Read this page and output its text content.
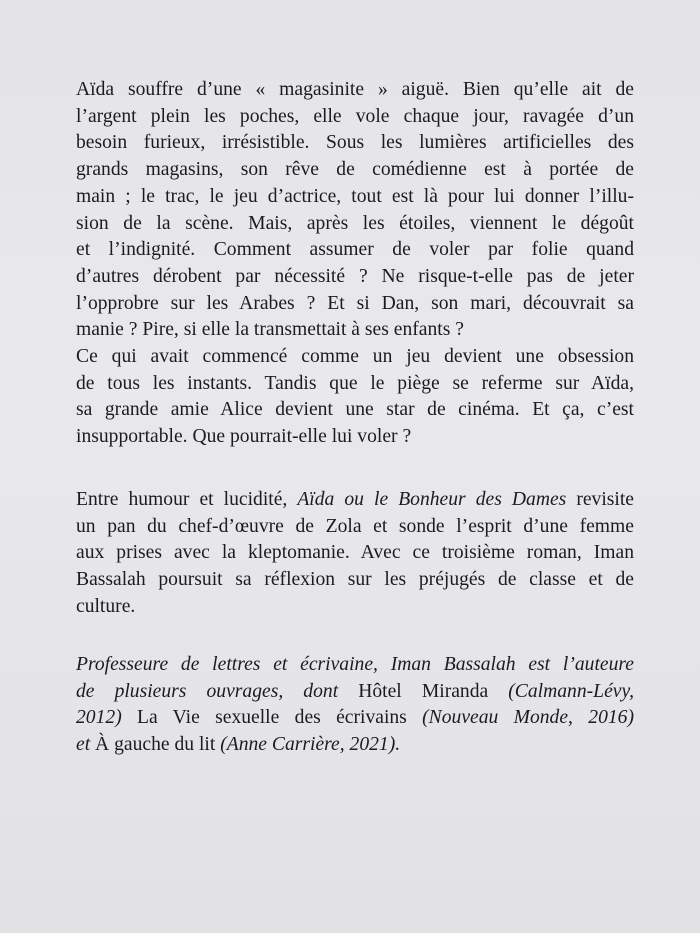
Aïda souffre d’une « magasinite » aiguë. Bien qu’elle ait de
l’argent plein les poches, elle vole chaque jour, ravagée d’un
besoin furieux, irrésistible. Sous les lumières artificielles des
grands magasins, son rêve de comédienne est à portée de
main ; le trac, le jeu d’actrice, tout est là pour lui donner l’illu-
sion de la scène. Mais, après les étoiles, viennent le dégoût
et l’indignité. Comment assumer de voler par folie quand
d’autres dérobent par nécessité ? Ne risque-t-elle pas de jeter
l’opprobre sur les Arabes ? Et si Dan, son mari, découvrait sa
manie ? Pire, si elle la transmettait à ses enfants ?
Ce qui avait commencé comme un jeu devient une obsession
de tous les instants. Tandis que le piège se referme sur Aïda,
sa grande amie Alice devient une star de cinéma. Et ça, c’est
insupportable. Que pourrait-elle lui voler ?
Entre humour et lucidité, Aïda ou le Bonheur des Dames revisite
un pan du chef-d’œuvre de Zola et sonde l’esprit d’une femme
aux prises avec la kleptomanie. Avec ce troisième roman, Iman
Bassalah poursuit sa réflexion sur les préjugés de classe et de
culture.
Professeure de lettres et écrivaine, Iman Bassalah est l’auteure
de plusieurs ouvrages, dont Hôtel Miranda (Calmann-Lévy,
2012) La Vie sexuelle des écrivains (Nouveau Monde, 2016)
et À gauche du lit (Anne Carrière, 2021).
